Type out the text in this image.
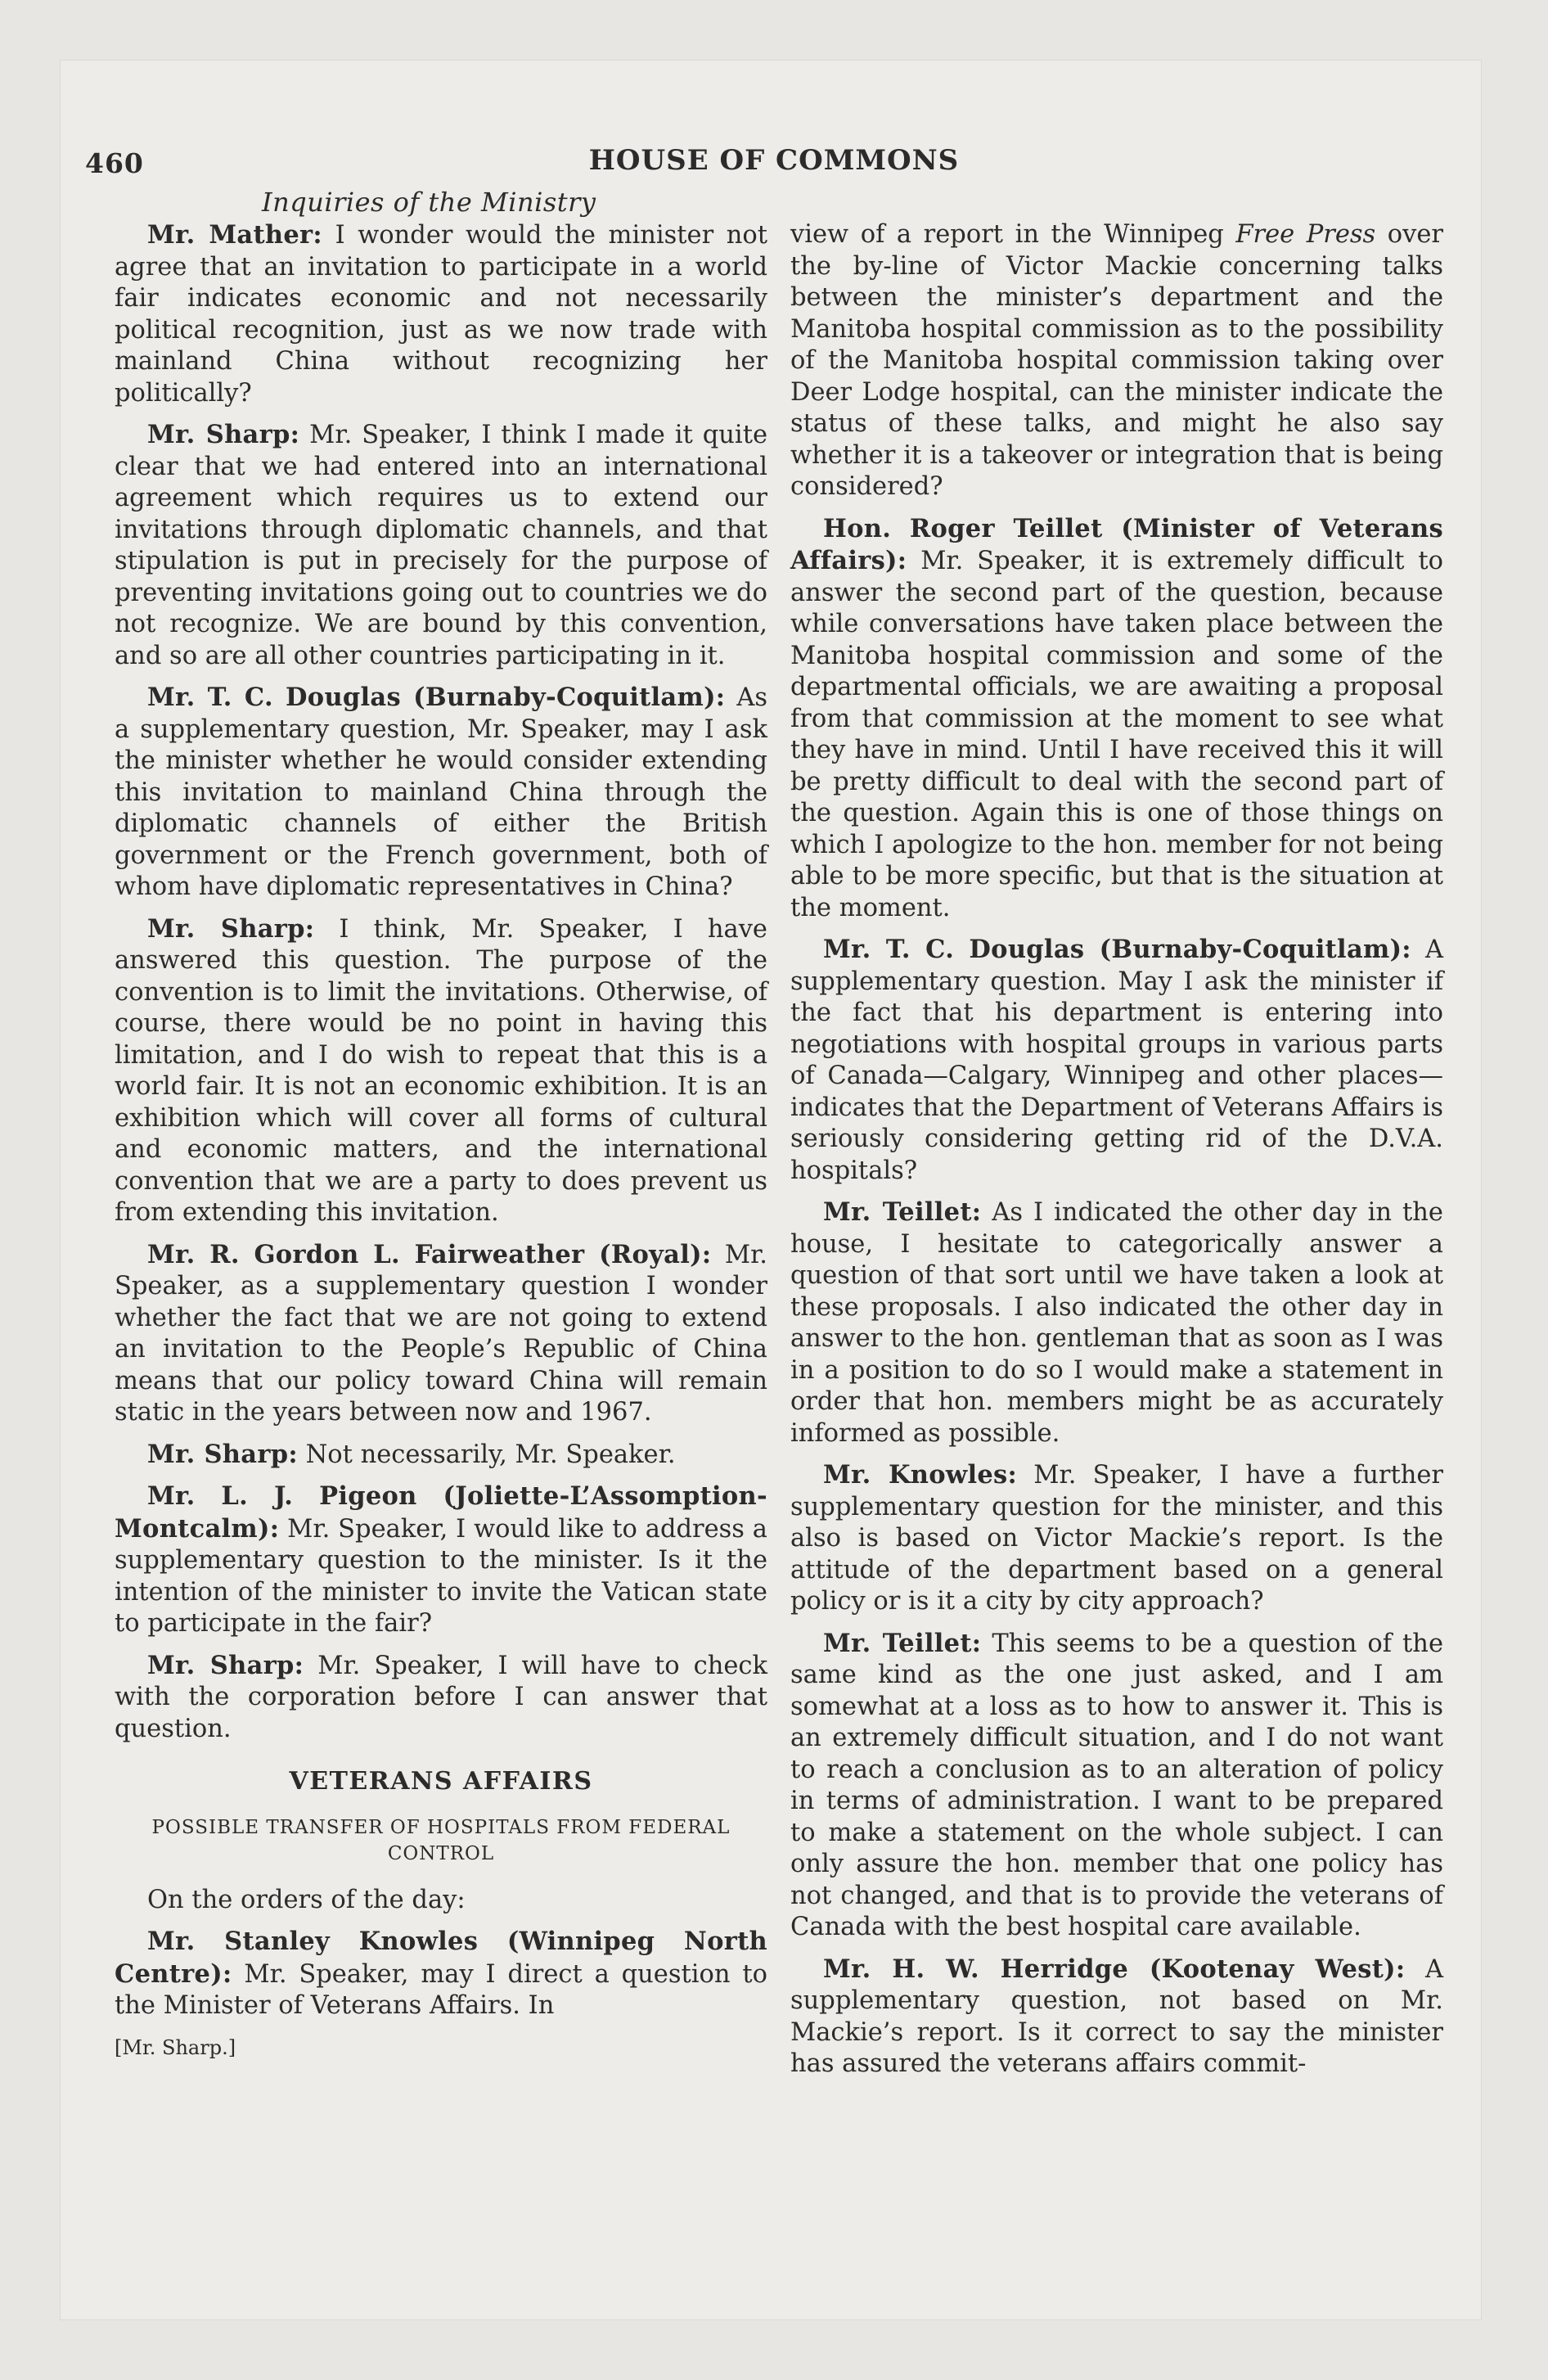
460	HOUSE OF COMMONS
Inquiries of the Ministry

Mr. Mather: I wonder would the minister not agree that an invitation to participate in a world fair indicates economic and not necessarily political recognition, just as we now trade with mainland China without recognizing her politically?

Mr. Sharp: Mr. Speaker, I think I made it quite clear that we had entered into an international agreement which requires us to extend our invitations through diplomatic channels, and that stipulation is put in precisely for the purpose of preventing invitations going out to countries we do not recognize. We are bound by this convention, and so are all other countries participating in it.

Mr. T. C. Douglas (Burnaby-Coquitlam): As a supplementary question, Mr. Speaker, may I ask the minister whether he would consider extending this invitation to mainland China through the diplomatic channels of either the British government or the French government, both of whom have diplomatic representatives in China?

Mr. Sharp: I think, Mr. Speaker, I have answered this question. The purpose of the convention is to limit the invitations. Otherwise, of course, there would be no point in having this limitation, and I do wish to repeat that this is a world fair. It is not an economic exhibition. It is an exhibition which will cover all forms of cultural and economic matters, and the international convention that we are a party to does prevent us from extending this invitation.

Mr. R. Gordon L. Fairweather (Royal): Mr. Speaker, as a supplementary question I wonder whether the fact that we are not going to extend an invitation to the People’s Republic of China means that our policy toward China will remain static in the years between now and 1967.

Mr. Sharp: Not necessarily, Mr. Speaker.

Mr. L. J. Pigeon (Joliette-L’Assomption-Montcalm): Mr. Speaker, I would like to address a supplementary question to the minister. Is it the intention of the minister to invite the Vatican state to participate in the fair?

Mr. Sharp: Mr. Speaker, I will have to check with the corporation before I can answer that question.

VETERANS AFFAIRS
POSSIBLE TRANSFER OF HOSPITALS FROM FEDERAL CONTROL

On the orders of the day:

Mr. Stanley Knowles (Winnipeg North Centre): Mr. Speaker, may I direct a question to the Minister of Veterans Affairs. In

[Mr. Sharp.]

view of a report in the Winnipeg Free Press over the by-line of Victor Mackie concerning talks between the minister’s department and the Manitoba hospital commission as to the possibility of the Manitoba hospital commission taking over Deer Lodge hospital, can the minister indicate the status of these talks, and might he also say whether it is a takeover or integration that is being considered?

Hon. Roger Teillet (Minister of Veterans Affairs): Mr. Speaker, it is extremely difficult to answer the second part of the question, because while conversations have taken place between the Manitoba hospital commission and some of the departmental officials, we are awaiting a proposal from that commission at the moment to see what they have in mind. Until I have received this it will be pretty difficult to deal with the second part of the question. Again this is one of those things on which I apologize to the hon. member for not being able to be more specific, but that is the situation at the moment.

Mr. T. C. Douglas (Burnaby-Coquitlam): A supplementary question. May I ask the minister if the fact that his department is entering into negotiations with hospital groups in various parts of Canada—Calgary, Winnipeg and other places—indicates that the Department of Veterans Affairs is seriously considering getting rid of the D.V.A. hospitals?

Mr. Teillet: As I indicated the other day in the house, I hesitate to categorically answer a question of that sort until we have taken a look at these proposals. I also indicated the other day in answer to the hon. gentleman that as soon as I was in a position to do so I would make a statement in order that hon. members might be as accurately informed as possible.

Mr. Knowles: Mr. Speaker, I have a further supplementary question for the minister, and this also is based on Victor Mackie’s report. Is the attitude of the department based on a general policy or is it a city by city approach?

Mr. Teillet: This seems to be a question of the same kind as the one just asked, and I am somewhat at a loss as to how to answer it. This is an extremely difficult situation, and I do not want to reach a conclusion as to an alteration of policy in terms of administration. I want to be prepared to make a statement on the whole subject. I can only assure the hon. member that one policy has not changed, and that is to provide the veterans of Canada with the best hospital care available.

Mr. H. W. Herridge (Kootenay West): A supplementary question, not based on Mr. Mackie’s report. Is it correct to say the minister has assured the veterans affairs commit-
